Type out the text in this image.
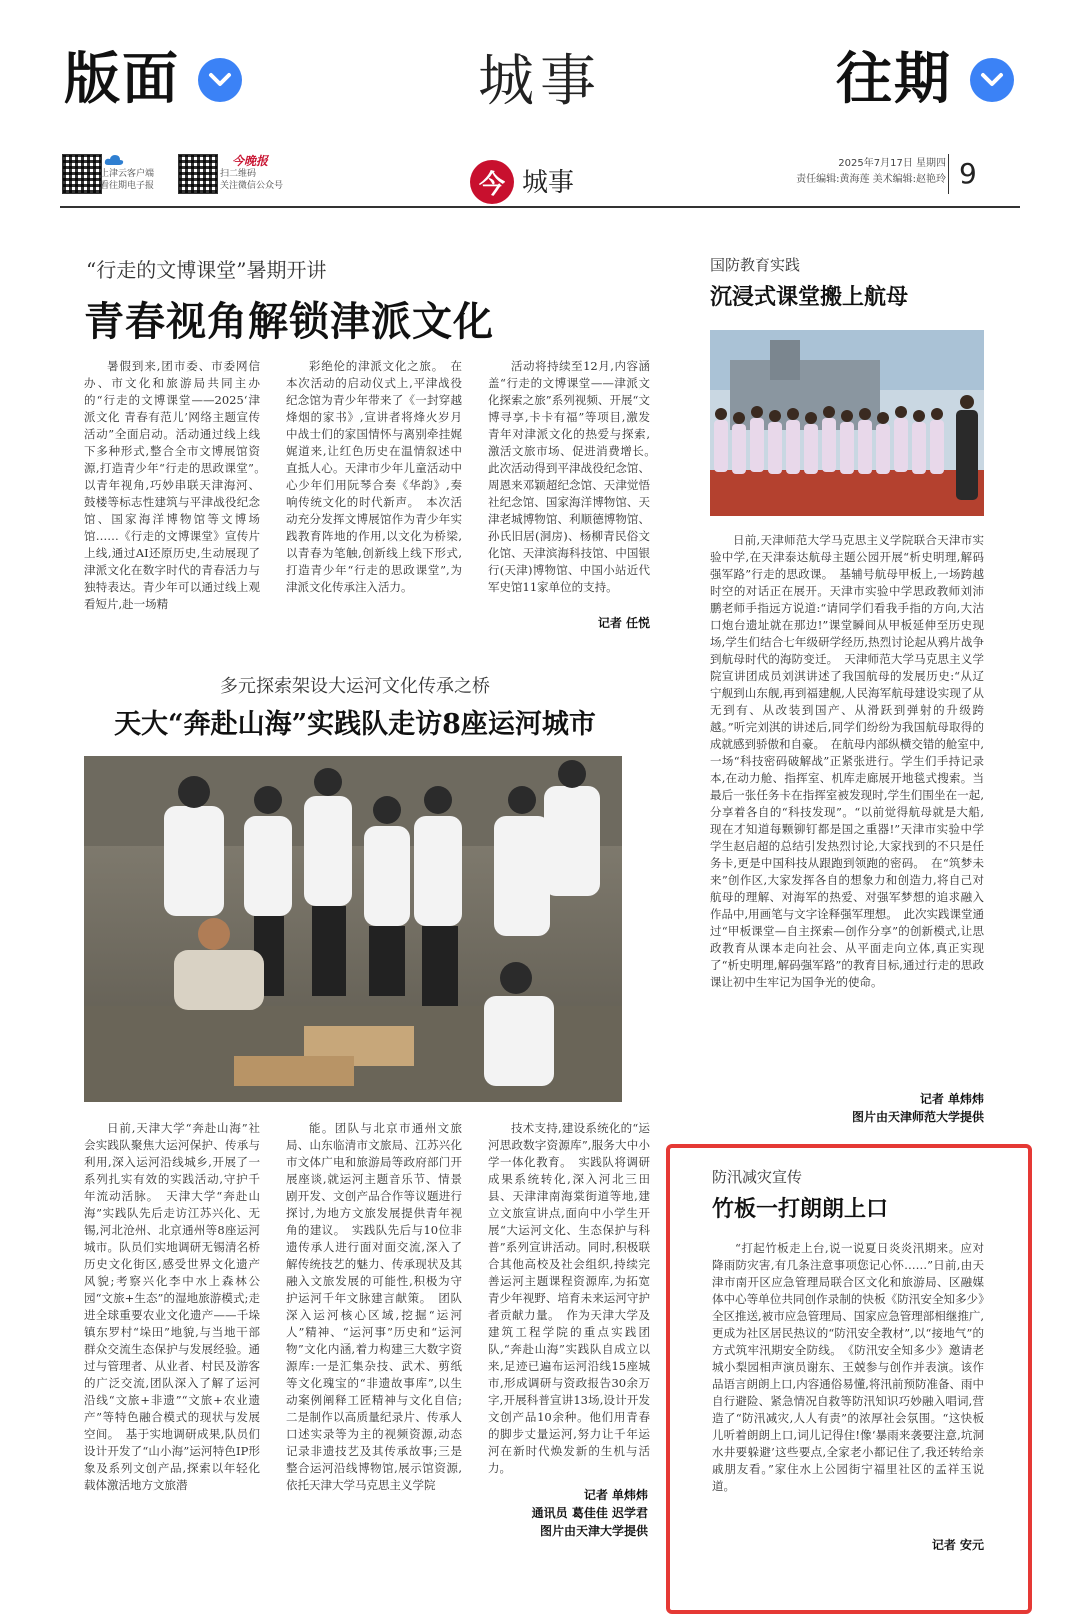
版面	城事	往期
上津云客户端
看往期电子报
今晚报
扫二维码
关注微信公众号	今 城事
2025年7月17日 星期四
责任编辑:黄海莲 美术编辑:赵艳玲 9
“行走的文博课堂”暑期开讲
青春视角解锁津派文化
暑假到来,团市委、市委网信办、市文化和旅游局共同主办的“行走的文博课堂——2025‘津派文化 青春有范儿’网络主题宣传活动”全面启动。活动通过线上线下多种形式,整合全市文博展馆资源,打造青少年“行走的思政课堂”。　以青年视角,巧妙串联天津海河、鼓楼等标志性建筑与平津战役纪念馆、国家海洋博物馆等文博场馆……《行走的文博课堂》宣传片上线,通过AI还原历史,生动展现了津派文化在数字时代的青春活力与独特表达。青少年可以通过线上观看短片,赴一场精
彩绝伦的津派文化之旅。　在本次活动的启动仪式上,平津战役纪念馆为青少年带来了《一封穿越烽烟的家书》,宣讲者将烽火岁月中战士们的家国情怀与离别牵挂娓娓道来,让红色历史在温情叙述中直抵人心。天津市少年儿童活动中心少年们用阮琴合奏《华韵》,奏响传统文化的时代新声。　本次活动充分发挥文博展馆作为青少年实践教育阵地的作用,以文化为桥梁,以青春为笔触,创新线上线下形式,打造青少年“行走的思政课堂”,为津派文化传承注入活力。
活动将持续至12月,内容涵盖“行走的文博课堂——津派文化探索之旅”系列视频、开展“文博寻享,卡卡有福”等项目,激发青年对津派文化的热爱与探索,激活文旅市场、促进消费增长。　此次活动得到平津战役纪念馆、周恩来邓颖超纪念馆、天津觉悟社纪念馆、国家海洋博物馆、天津老城博物馆、利顺德博物馆、孙氏旧居(洞房)、杨柳青民俗文化馆、天津滨海科技馆、中国银行(天津)博物馆、中国小站近代军史馆11家单位的支持。
记者 任悦
多元探索架设大运河文化传承之桥
天大“奔赴山海”实践队走访8座运河城市
日前,天津大学“奔赴山海”社会实践队聚焦大运河保护、传承与利用,深入运河沿线城乡,开展了一系列扎实有效的实践活动,守护千年流动活脉。　天津大学“奔赴山海”实践队先后走访江苏兴化、无锡,河北沧州、北京通州等8座运河城市。队员们实地调研无锡清名桥历史文化街区,感受世界文化遗产风貌;考察兴化李中水上森林公园“文旅+生态”的湿地旅游模式;走进全球重要农业文化遗产——千垛镇东罗村“垛田”地貌,与当地干部群众交流生态保护与发展经验。通过与管理者、从业者、村民及游客的广泛交流,团队深入了解了运河沿线“文旅+非遗”“文旅+农业遗产”等特色融合模式的现状与发展空间。　基于实地调研成果,队员们设计开发了“山小海”运河特色IP形象及系列文创产品,探索以年轻化载体激活地方文旅潜
能。团队与北京市通州文旅局、山东临清市文旅局、江苏兴化市文体广电和旅游局等政府部门开展座谈,就运河主题音乐节、情景剧开发、文创产品合作等议题进行探讨,为地方文旅发展提供青年视角的建议。　实践队先后与10位非遗传承人进行面对面交流,深入了解传统技艺的魅力、传承现状及其融入文旅发展的可能性,积极为守护运河千年文脉建言献策。　团队深入运河核心区域,挖掘“运河人”精神、“运河事”历史和“运河物”文化内涵,着力构建三大数字资源库:一是汇集杂技、武术、剪纸等文化瑰宝的“非遗故事库”,以生动案例阐释工匠精神与文化自信;二是制作以高质量纪录片、传承人口述实录等为主的视频资源,动态记录非遗技艺及其传承故事;三是整合运河沿线博物馆,展示馆资源,依托天津大学马克思主义学院
技术支持,建设系统化的“运河思政数字资源库”,服务大中小学一体化教育。　实践队将调研成果系统转化,深入河北三田县、天津津南海棠街道等地,建立文旅宣讲点,面向中小学生开展“大运河文化、生态保护与科普”系列宣讲活动。同时,积极联合其他高校及社会组织,持续完善运河主题课程资源库,为拓宽青少年视野、培育未来运河守护者贡献力量。　作为天津大学及建筑工程学院的重点实践团队,“奔赴山海”实践队自成立以来,足迹已遍布运河沿线15座城市,形成调研与资政报告30余万字,开展科普宣讲13场,设计开发文创产品10余种。他们用青春的脚步丈量运河,努力让千年运河在新时代焕发新的生机与活力。
记者 单炜炜
通讯员 葛佳佳 迟学君
图片由天津大学提供
国防教育实践
沉浸式课堂搬上航母
日前,天津师范大学马克思主义学院联合天津市实验中学,在天津泰达航母主题公园开展“析史明理,解码强军路”行走的思政课。　基辅号航母甲板上,一场跨越时空的对话正在展开。天津市实验中学思政教师刘沛鹏老师手指远方说道:“请同学们看我手指的方向,大沽口炮台遗址就在那边!”课堂瞬间从甲板延伸至历史现场,学生们结合七年级研学经历,热烈讨论起从鸦片战争到航母时代的海防变迁。　天津师范大学马克思主义学院宣讲团成员刘淇讲述了我国航母的发展历史:“从辽宁舰到山东舰,再到福建舰,人民海军航母建设实现了从无到有、从改装到国产、从滑跃到弹射的升级跨越。”听完刘淇的讲述后,同学们纷纷为我国航母取得的成就感到骄傲和自豪。　在航母内部纵横交错的舱室中,一场“科技密码破解战”正紧张进行。学生们手持记录本,在动力舱、指挥室、机库走廊展开地毯式搜索。当最后一张任务卡在指挥室被发现时,学生们围坐在一起,分享着各自的“科技发现”。“以前觉得航母就是大船,现在才知道每颗铆钉都是国之重器!”天津市实验中学学生赵启超的总结引发热烈讨论,大家找到的不只是任务卡,更是中国科技从跟跑到领跑的密码。　在“筑梦未来”创作区,大家发挥各自的想象力和创造力,将自己对航母的理解、对海军的热爱、对强军梦想的追求融入作品中,用画笔与文字诠释强军理想。　此次实践课堂通过“甲板课堂—自主探索—创作分享”的创新模式,让思政教育从课本走向社会、从平面走向立体,真正实现了“析史明理,解码强军路”的教育目标,通过行走的思政课让初中生牢记为国争光的使命。
记者 单炜炜
图片由天津师范大学提供
防汛减灾宣传
竹板一打朗朗上口
“打起竹板走上台,说一说夏日炎炎汛期来。应对降雨防灾害,有几条注意事项您记心怀……”日前,由天津市南开区应急管理局联合区文化和旅游局、区融媒体中心等单位共同创作录制的快板《防汛安全知多少》全区推送,被市应急管理局、国家应急管理部相继推广,更成为社区居民热议的“防汛安全教材”,以“接地气”的方式筑牢汛期安全防线。　《防汛安全知多少》邀请老城小梨园相声演员谢东、王兢参与创作并表演。该作品语言朗朗上口,内容通俗易懂,将汛前预防准备、雨中自行避险、紧急情况自救等防汛知识巧妙融入唱词,营造了“防汛减灾,人人有责”的浓厚社会氛围。“这快板儿听着朗朗上口,词儿记得住!像‘暴雨来袭要注意,坑洞水井要躲避’这些要点,全家老小都记住了,我还转给亲戚朋友看。”家住水上公园街宁福里社区的孟祥玉说道。
记者 安元
